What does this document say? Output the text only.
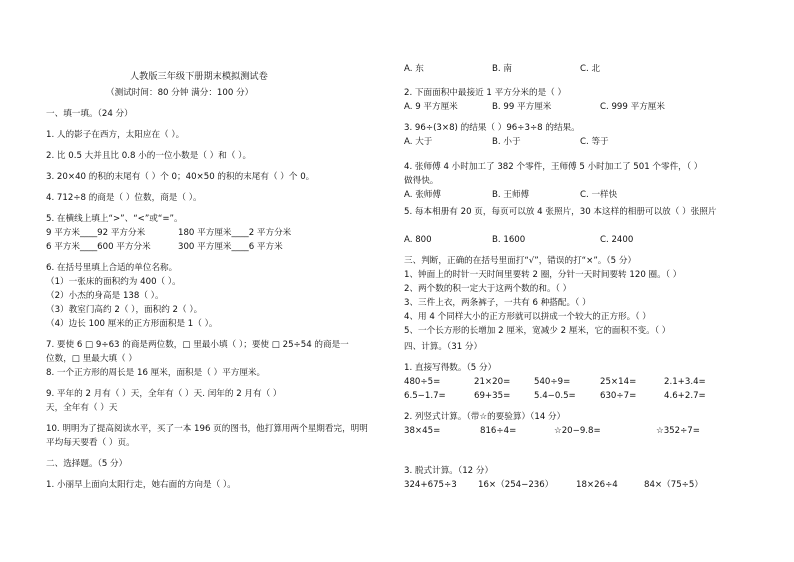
人教版三年级下册期末模拟测试卷
（测试时间：80 分钟 满分：100 分）
一、填一填。（24 分）
1. 人的影子在西方，太阳应在（ ）。
2. 比 0.5 大并且比 0.8 小的一位小数是（ ）和（ ）。
3. 20×40 的积的末尾有（ ）个 0；40×50 的积的末尾有（ ）个 0。
4. 712÷8 的商是（ ）位数，商是（ ）。
5. 在横线上填上“>”、“<”或“=”。
9 平方米____92 平方分米	180 平方厘米____2 平方分米
6 平方米____600 平方分米	300 平方厘米____6 平方米
6. 在括号里填上合适的单位名称。
（1）一张床的面积约为 400（ ）。
（2）小杰的身高是 138（ ）。
（3）教室门高约 2（ ），面积约 2（ ）。
（4）边长 100 厘米的正方形面积是 1（ ）。
7. 要使 6 □ 9÷63 的商是两位数，□ 里最小填（ ）；要使 □ 25÷54 的商是一
位数，□ 里最大填（ ）
8. 一个正方形的周长是 16 厘米，面积是（ ）平方厘米。
9. 平年的 2 月有（ ）天，全年有（ ）天. 闰年的 2 月有（ ）
天，全年有（ ）天
10. 明明为了提高阅读水平，买了一本 196 页的图书，他打算用两个星期看完，明明
平均每天要看（ ）页。
二、选择题。（5 分）
1. 小丽早上面向太阳行走，她右面的方向是（ ）。
A. 东	B. 南	C. 北
2. 下面面积中最接近 1 平方分米的是（ ）
A. 9 平方厘米	B. 99 平方厘米	C. 999 平方厘米
3. 96÷(3×8) 的结果（ ）96÷3÷8 的结果。
A. 大于	B. 小于	C. 等于
4. 张师傅 4 小时加工了 382 个零件，王师傅 5 小时加工了 501 个零件，（ ）
做得快。
A. 张师傅	B. 王师傅	C. 一样快
5. 每本相册有 20 页，每页可以放 4 张照片，30 本这样的相册可以放（ ）张照片
A. 800	B. 1600	C. 2400
三、判断，正确的在括号里面打“√”，错误的打“×”。（5 分）
1、钟面上的时针一天时间里要转 2 圈，分针一天时间要转 120 圈。（ ）
2、两个数的积一定大于这两个数的和。（ ）
3、三件上衣，两条裤子，一共有 6 种搭配。（ ）
4、用 4 个同样大小的正方形就可以拼成一个较大的正方形。（ ）
5、一个长方形的长增加 2 厘米，宽减少 2 厘米，它的面积不变。（ ）
四、计算。（31 分）
1. 直接写得数。（5 分）
480÷5=	21×20=	540÷9=	25×14=	2.1+3.4=
6.5−1.7=	69+35=	5.4−0.5=	630÷7=	4.6+2.7=
2. 列竖式计算。（带☆的要验算）（14 分）
38×45=	816÷4=	☆20−9.8=	☆352÷7=
3. 脱式计算。（12 分）
324+675÷3 16×（254−236）	18×26÷4	84×（75÷5）
